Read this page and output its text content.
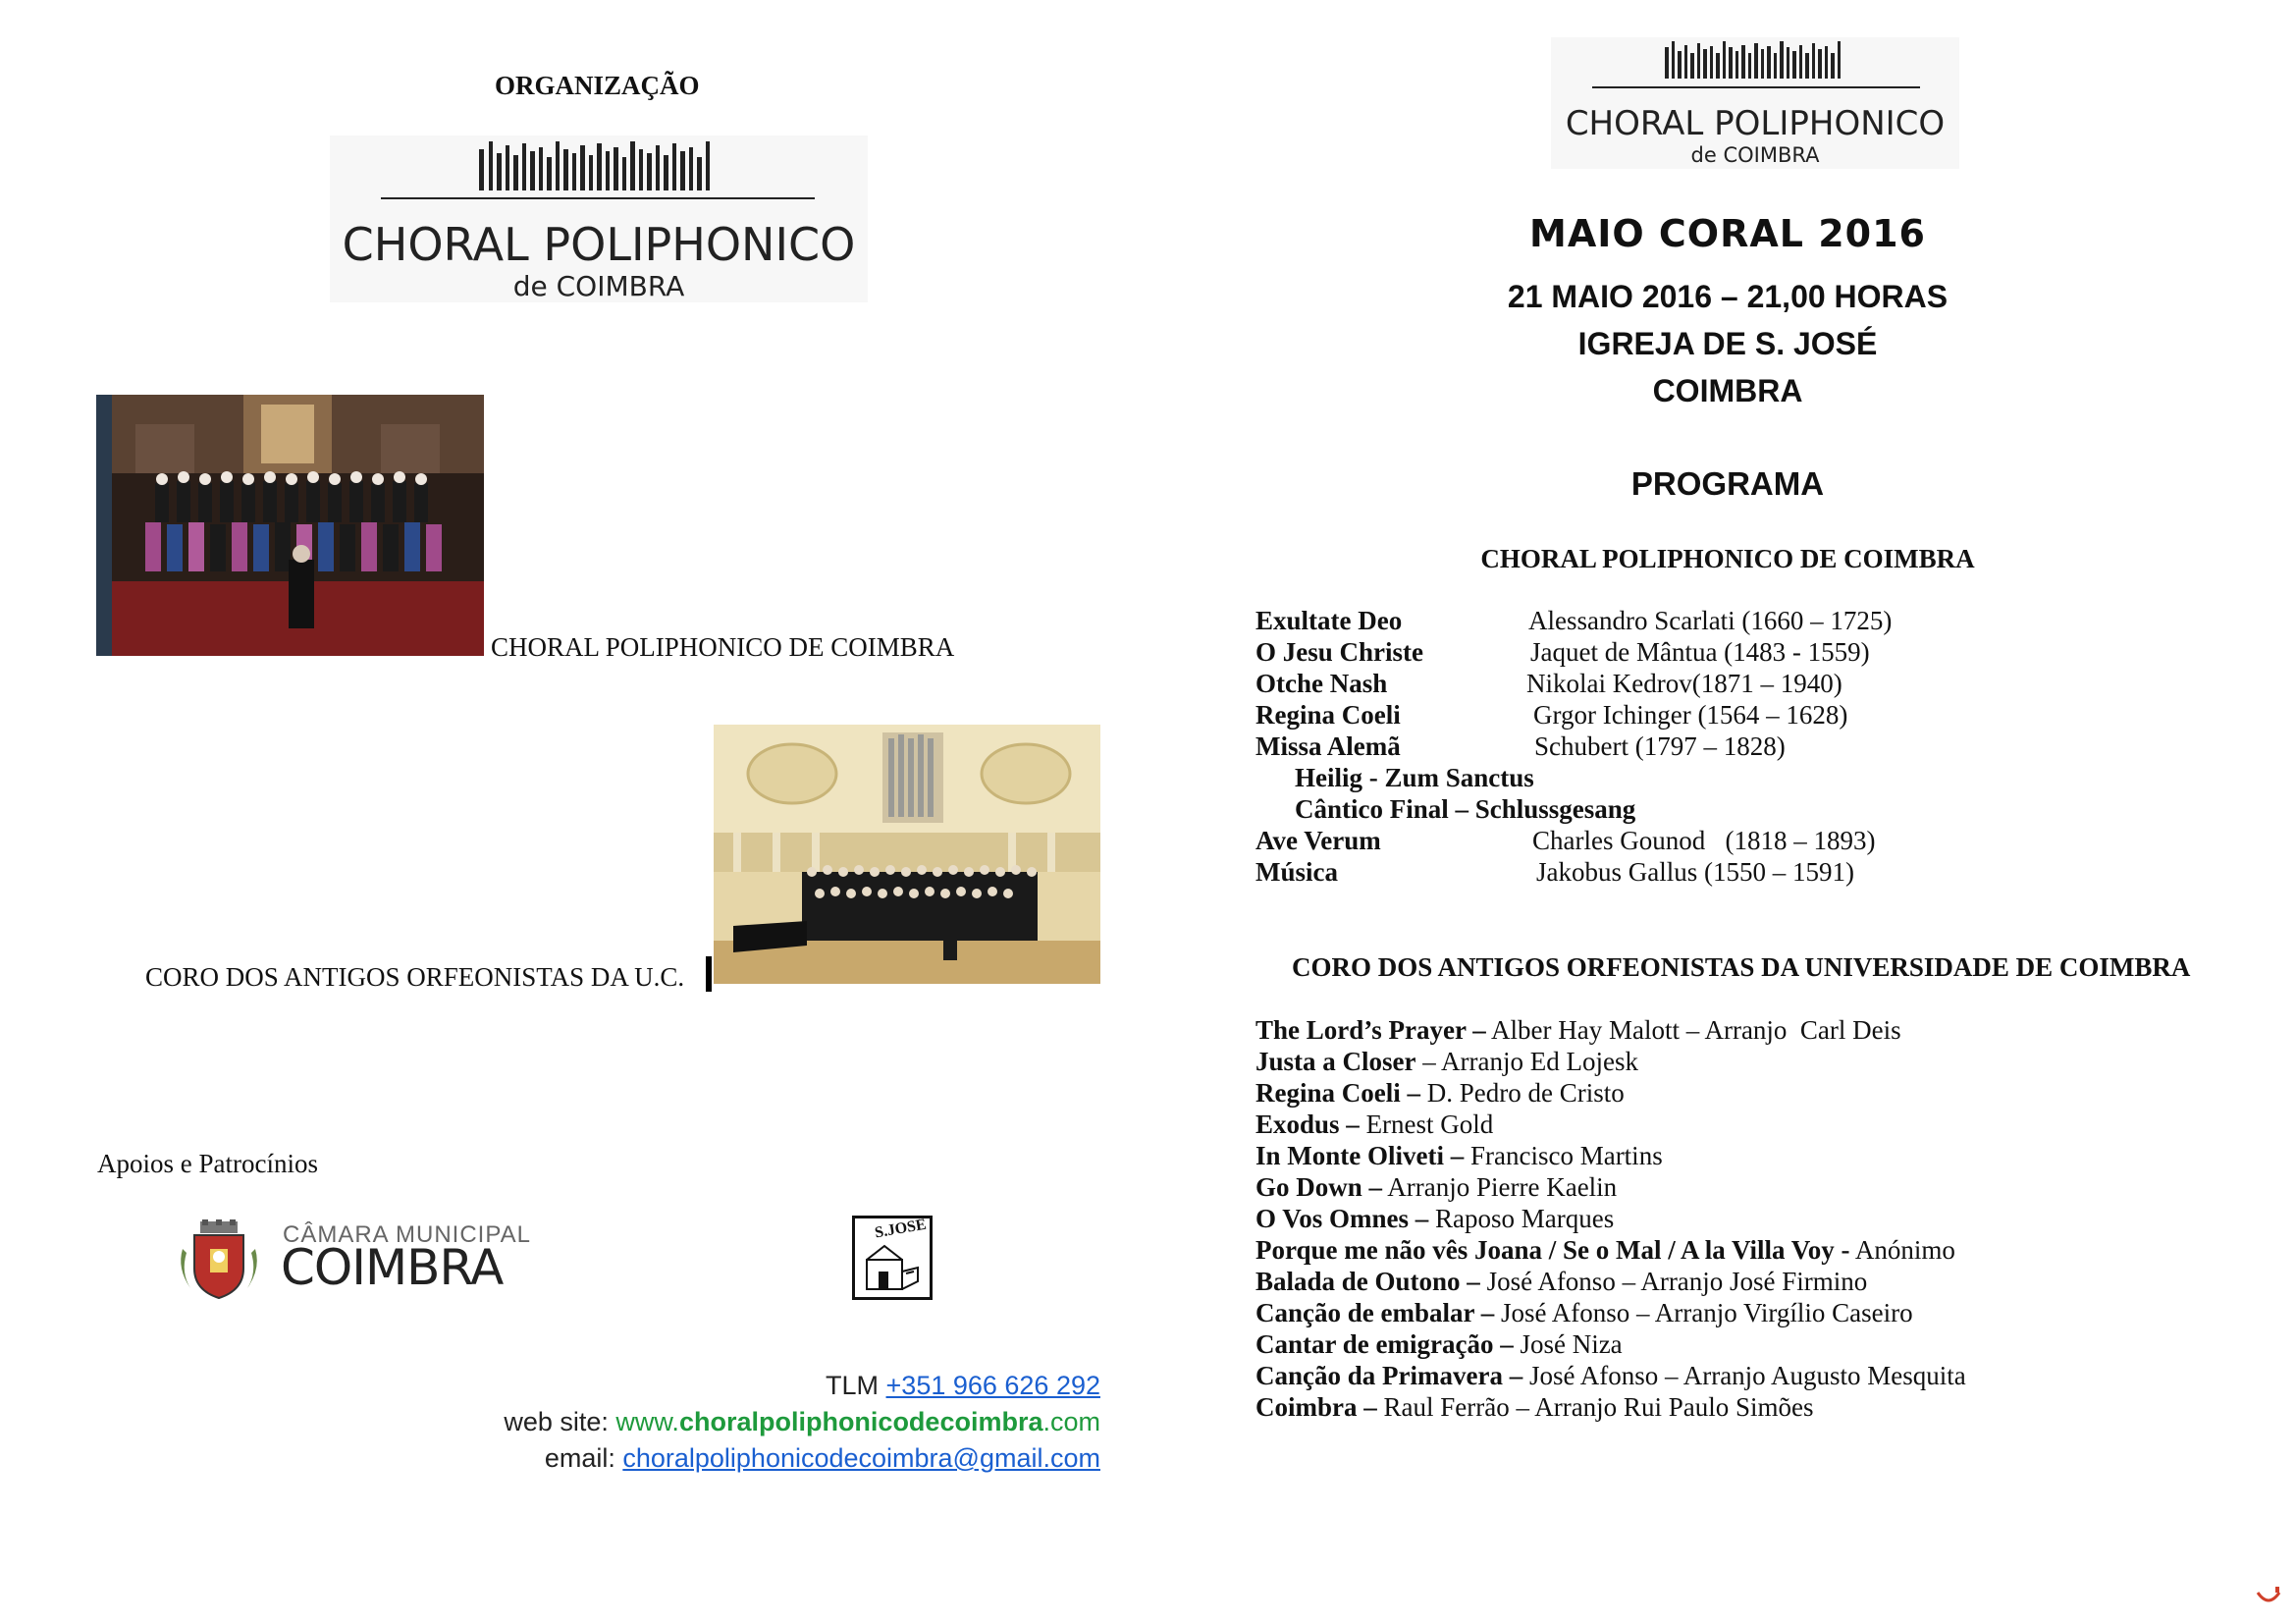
ORGANIZAÇÃO
CHORAL POLIPHONICO
de COIMBRA
CHORAL POLIPHONICO DE COIMBRA
CORO DOS ANTIGOS ORFEONISTAS DA U.C.
Apoios e Patrocínios
CÂMARA MUNICIPAL
COIMBRA
S.JOSÉ
TLM +351 966 626 292
web site: www.choralpoliphonicodecoimbra.com
email: choralpoliphonicodecoimbra@gmail.com
CHORAL POLIPHONICO
de COIMBRA
MAIO CORAL 2016
21 MAIO 2016 – 21,00 HORAS
IGREJA DE S. JOSÉ
COIMBRA
PROGRAMA
CHORAL POLIPHONICO DE COIMBRA
Exultate Deo	Alessandro Scarlati (1660 – 1725)
O Jesu Christe	Jaquet de Mântua (1483 - 1559)
Otche Nash	Nikolai Kedrov(1871 – 1940)
Regina Coeli	Grgor Ichinger (1564 – 1628)
Missa Alemã	Schubert (1797 – 1828)
Heilig - Zum Sanctus
Cântico Final – Schlussgesang
Ave Verum	Charles Gounod   (1818 – 1893)
Música	Jakobus Gallus (1550 – 1591)
CORO DOS ANTIGOS ORFEONISTAS DA UNIVERSIDADE DE COIMBRA
The Lord’s Prayer – Alber Hay Malott – Arranjo  Carl Deis
Justa a Closer – Arranjo Ed Lojesk
Regina Coeli – D. Pedro de Cristo
Exodus – Ernest Gold
In Monte Oliveti – Francisco Martins
Go Down – Arranjo Pierre Kaelin
O Vos Omnes – Raposo Marques
Porque me não vês Joana / Se o Mal / A la Villa Voy - Anónimo
Balada de Outono – José Afonso – Arranjo José Firmino
Canção de embalar – José Afonso – Arranjo Virgílio Caseiro
Cantar de emigração – José Niza
Canção da Primavera – José Afonso – Arranjo Augusto Mesquita
Coimbra – Raul Ferrão – Arranjo Rui Paulo Simões
